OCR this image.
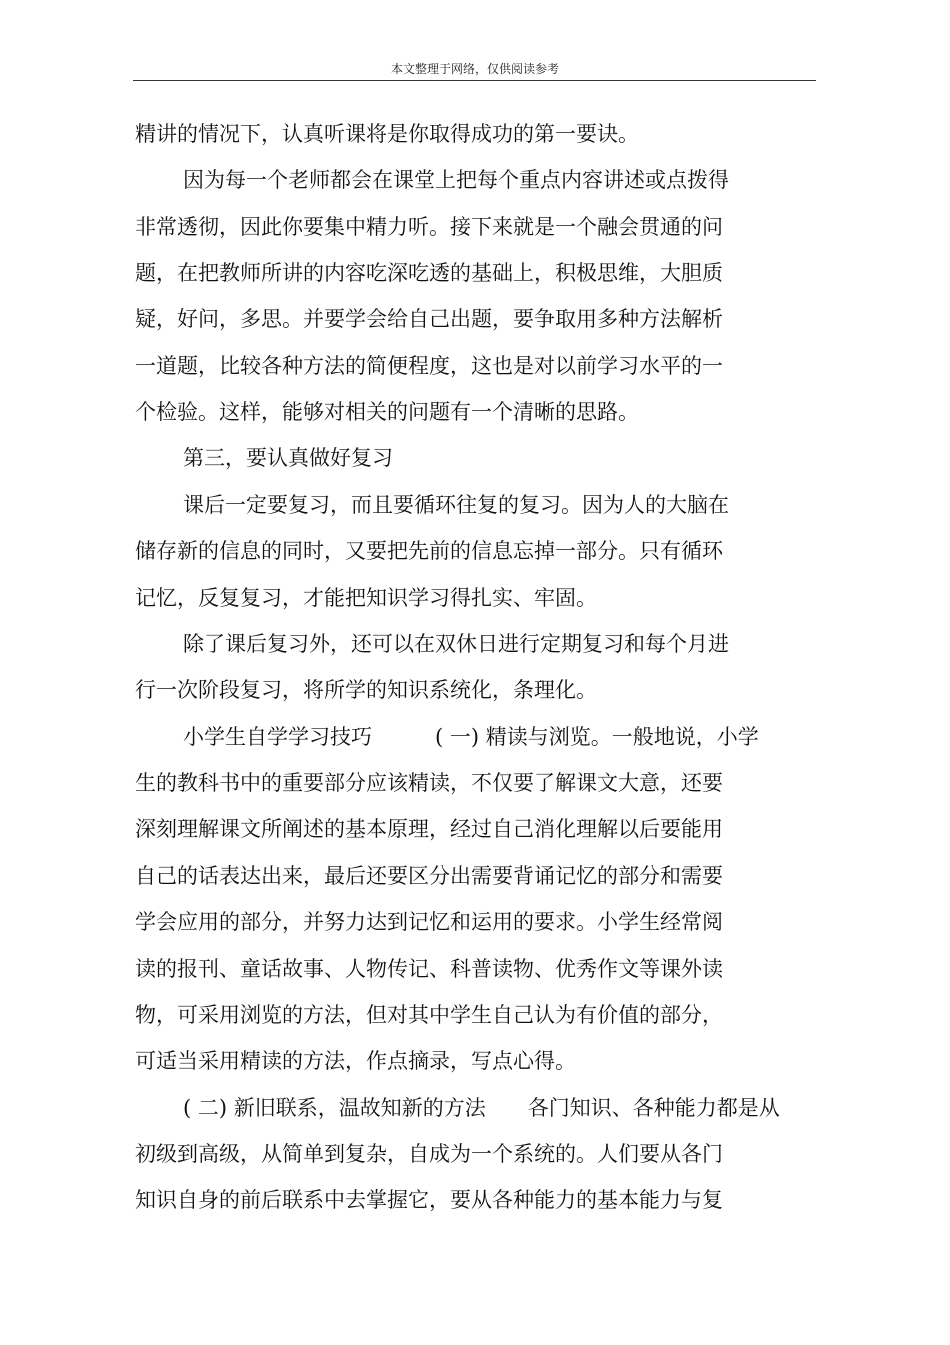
本文整理于网络，仅供阅读参考
精讲的情况下，认真听课将是你取得成功的第一要诀。
因为每一个老师都会在课堂上把每个重点内容讲述或点拨得
非常透彻，因此你要集中精力听。接下来就是一个融会贯通的问
题，在把教师所讲的内容吃深吃透的基础上，积极思维，大胆质
疑，好问，多思。并要学会给自己出题，要争取用多种方法解析
一道题，比较各种方法的简便程度，这也是对以前学习水平的一
个检验。这样，能够对相关的问题有一个清晰的思路。
第三，要认真做好复习
课后一定要复习，而且要循环往复的复习。因为人的大脑在
储存新的信息的同时，又要把先前的信息忘掉一部分。只有循环
记忆，反复复习，才能把知识学习得扎实、牢固。
除了课后复习外，还可以在双休日进行定期复习和每个月进
行一次阶段复习，将所学的知识系统化，条理化。
小学生自学学习技巧　　　( 一) 精读与浏览。一般地说，小学
生的教科书中的重要部分应该精读，不仅要了解课文大意，还要
深刻理解课文所阐述的基本原理，经过自己消化理解以后要能用
自己的话表达出来，最后还要区分出需要背诵记忆的部分和需要
学会应用的部分，并努力达到记忆和运用的要求。小学生经常阅
读的报刊、童话故事、人物传记、科普读物、优秀作文等课外读
物，可采用浏览的方法，但对其中学生自己认为有价值的部分，
可适当采用精读的方法，作点摘录，写点心得。
( 二) 新旧联系，温故知新的方法　　各门知识、各种能力都是从
初级到高级，从简单到复杂，自成为一个系统的。人们要从各门
知识自身的前后联系中去掌握它，要从各种能力的基本能力与复
